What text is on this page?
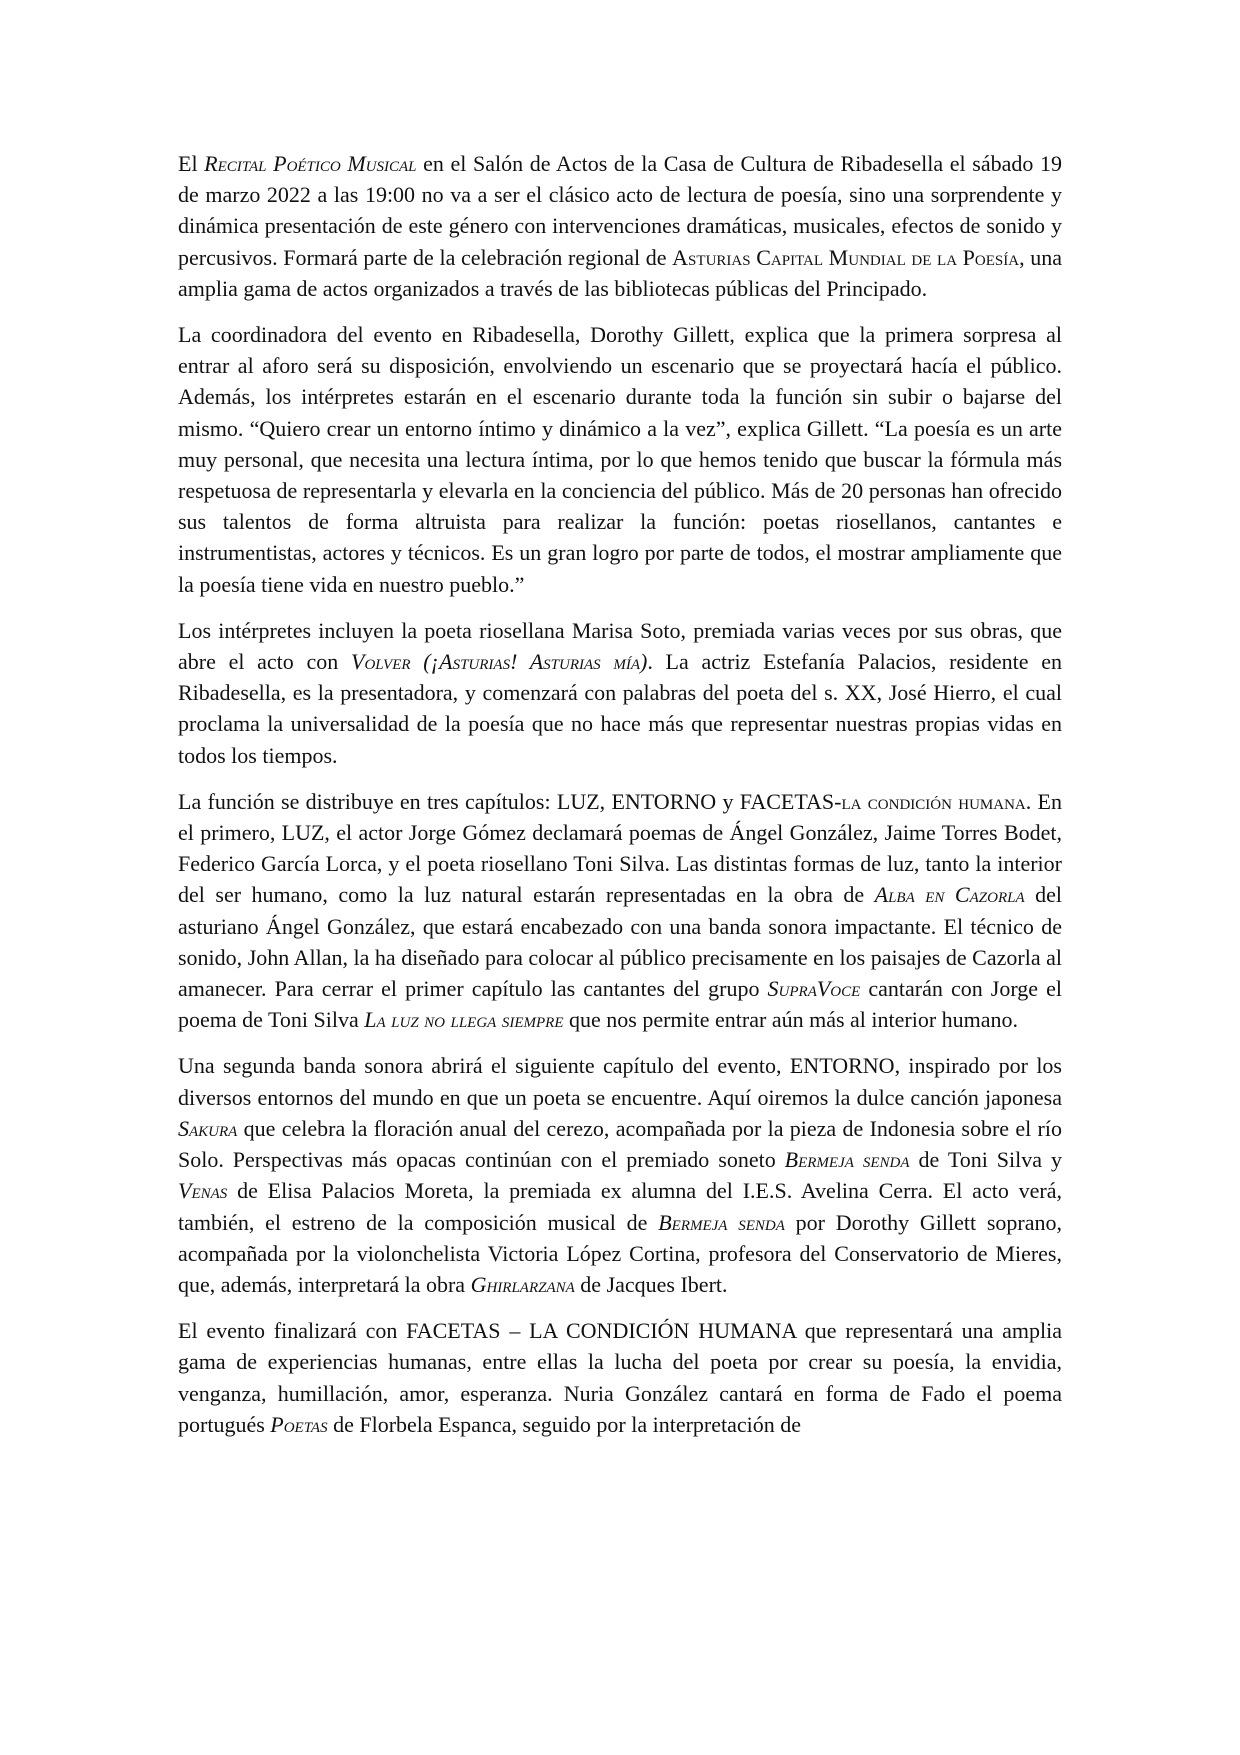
El Recital Poético Musical en el Salón de Actos de la Casa de Cultura de Ribadesella el sábado 19 de marzo 2022 a las 19:00 no va a ser el clásico acto de lectura de poesía, sino una sorprendente y dinámica presentación de este género con intervenciones dramáticas, musicales, efectos de sonido y percusivos. Formará parte de la celebración regional de Asturias Capital Mundial de la Poesía, una amplia gama de actos organizados a través de las bibliotecas públicas del Principado.

La coordinadora del evento en Ribadesella, Dorothy Gillett, explica que la primera sorpresa al entrar al aforo será su disposición, envolviendo un escenario que se proyectará hacía el público. Además, los intérpretes estarán en el escenario durante toda la función sin subir o bajarse del mismo. “Quiero crear un entorno íntimo y dinámico a la vez”, explica Gillett. “La poesía es un arte muy personal, que necesita una lectura íntima, por lo que hemos tenido que buscar la fórmula más respetuosa de representarla y elevarla en la conciencia del público. Más de 20 personas han ofrecido sus talentos de forma altruista para realizar la función: poetas riosellanos, cantantes e instrumentistas, actores y técnicos. Es un gran logro por parte de todos, el mostrar ampliamente que la poesía tiene vida en nuestro pueblo.”

Los intérpretes incluyen la poeta riosellana Marisa Soto, premiada varias veces por sus obras, que abre el acto con Volver (¡Asturias! Asturias mía). La actriz Estefanía Palacios, residente en Ribadesella, es la presentadora, y comenzará con palabras del poeta del s. XX, José Hierro, el cual proclama la universalidad de la poesía que no hace más que representar nuestras propias vidas en todos los tiempos.

La función se distribuye en tres capítulos: LUZ, ENTORNO y FACETAS-la condición humana. En el primero, LUZ, el actor Jorge Gómez declamará poemas de Ángel González, Jaime Torres Bodet, Federico García Lorca, y el poeta riosellano Toni Silva. Las distintas formas de luz, tanto la interior del ser humano, como la luz natural estarán representadas en la obra de Alba en Cazorla del asturiano Ángel González, que estará encabezado con una banda sonora impactante. El técnico de sonido, John Allan, la ha diseñado para colocar al público precisamente en los paisajes de Cazorla al amanecer. Para cerrar el primer capítulo las cantantes del grupo SupraVoce cantarán con Jorge el poema de Toni Silva La luz no llega siempre que nos permite entrar aún más al interior humano.

Una segunda banda sonora abrirá el siguiente capítulo del evento, ENTORNO, inspirado por los diversos entornos del mundo en que un poeta se encuentre. Aquí oiremos la dulce canción japonesa Sakura que celebra la floración anual del cerezo, acompañada por la pieza de Indonesia sobre el río Solo. Perspectivas más opacas continúan con el premiado soneto Bermeja senda de Toni Silva y Venas de Elisa Palacios Moreta, la premiada ex alumna del I.E.S. Avelina Cerra. El acto verá, también, el estreno de la composición musical de Bermeja senda por Dorothy Gillett soprano, acompañada por la violonchelista Victoria López Cortina, profesora del Conservatorio de Mieres, que, además, interpretará la obra Ghirlarzana de Jacques Ibert.

El evento finalizará con FACETAS – LA CONDICIÓN HUMANA que representará una amplia gama de experiencias humanas, entre ellas la lucha del poeta por crear su poesía, la envidia, venganza, humillación, amor, esperanza. Nuria González cantará en forma de Fado el poema portugués Poetas de Florbela Espanca, seguido por la interpretación de
